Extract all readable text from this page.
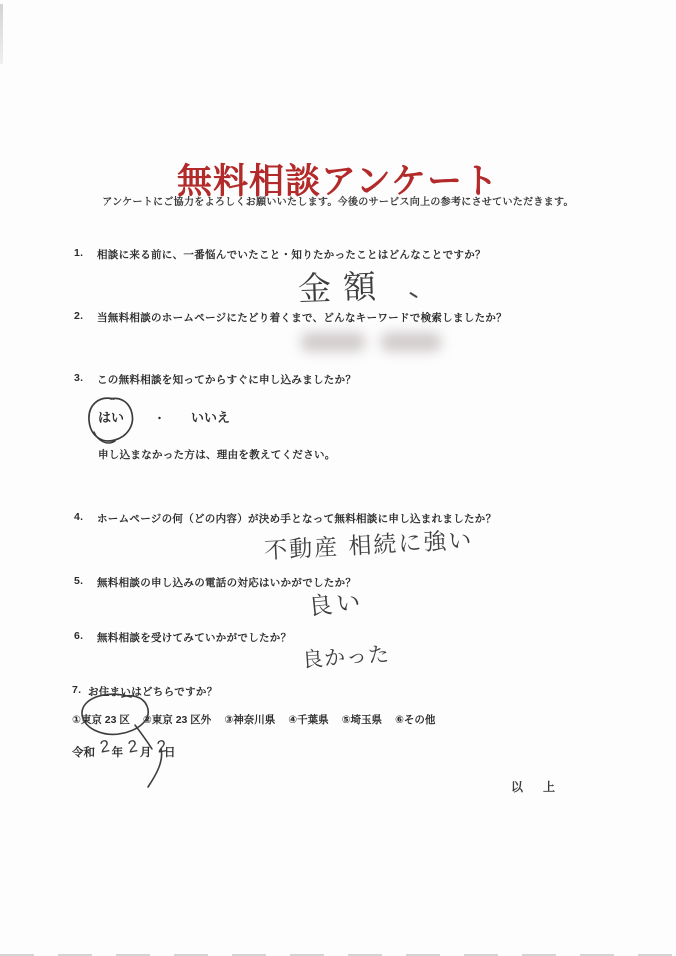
無料相談アンケート
アンケートにご協力をよろしくお願いいたします。今後のサービス向上の参考にさせていただきます。
1.	相談に来る前に、一番悩んでいたこと・知りたかったことはどんなことですか？
金額
2.	当無料相談のホームページにたどり着くまで、どんなキーワードで検索しましたか？
3.	この無料相談を知ってからすぐに申し込みましたか？
はい	・ いいえ
申し込まなかった方は、理由を教えてください。
4.	ホームページの何（どの内容）が決め手となって無料相談に申し込まれましたか？
不動産 相続に強い
5.	無料相談の申し込みの電話の対応はいかがでしたか？
良い
6.	無料相談を受けてみていかがでしたか？
良かった
7. お住まいはどちらですか？
①東京 23 区 ②東京 23 区外 ③神奈川県 ④千葉県 ⑤埼玉県 ⑥その他
令和 2年 2月 2日
以　上
